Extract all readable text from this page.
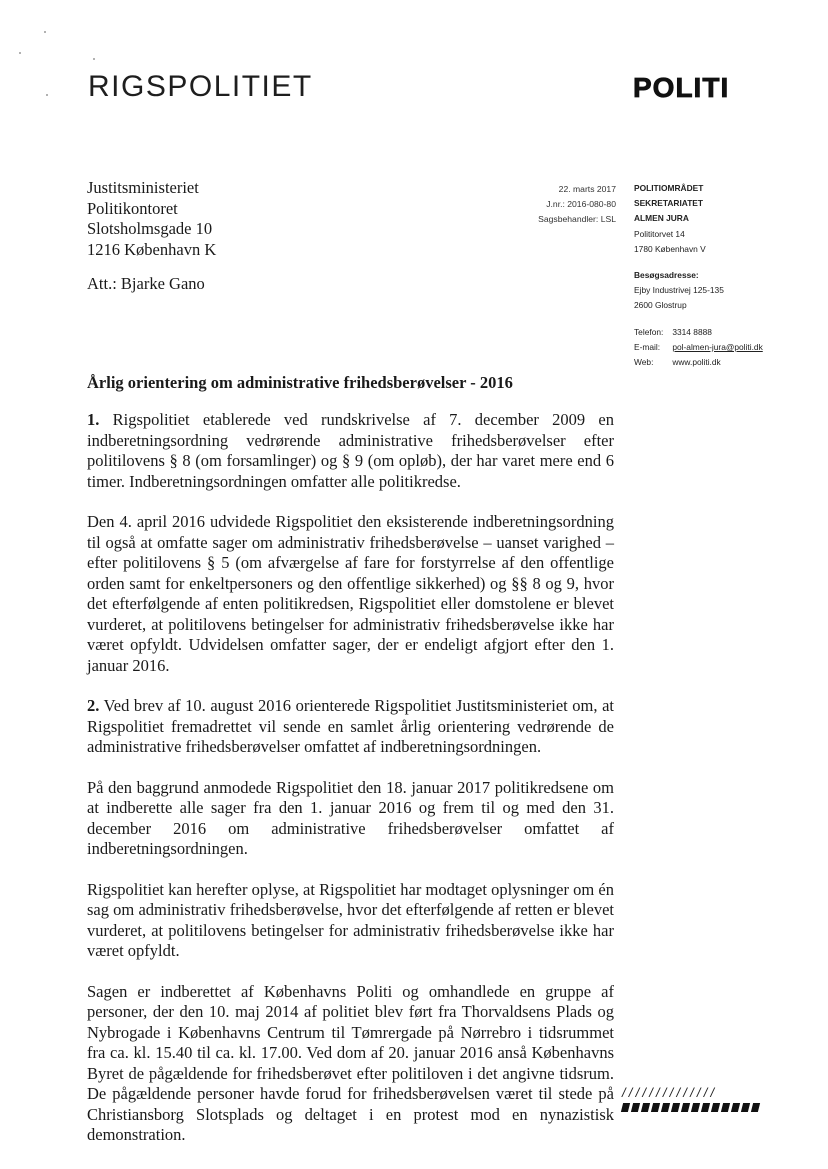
RIGSPOLITIET	POLITI
Justitsministeriet
Politikontoret
Slotsholmsgade 10
1216 København K
Att.: Bjarke Gano
22. marts 2017
J.nr.: 2016-080-80
Sagsbehandler: LSL
POLITIOMRÅDET
SEKRETARIATET
ALMEN JURA
Polititorvet 14
1780 København V
Besøgsadresse:
Ejby Industrivej 125-135
2600 Glostrup
Telefon: 3314 8888
E-mail: pol-almen-jura@politi.dk
Web: www.politi.dk
Årlig orientering om administrative frihedsberøvelser - 2016

1. Rigspolitiet etablerede ved rundskrivelse af 7. december 2009 en indberetningsordning vedrørende administrative frihedsberøvelser efter politilovens § 8 (om forsamlinger) og § 9 (om opløb), der har varet mere end 6 timer. Indberetningsordningen omfatter alle politikredse.

Den 4. april 2016 udvidede Rigspolitiet den eksisterende indberetningsordning til også at omfatte sager om administrativ frihedsberøvelse – uanset varighed – efter politilovens § 5 (om afværgelse af fare for forstyrrelse af den offentlige orden samt for enkeltpersoners og den offentlige sikkerhed) og §§ 8 og 9, hvor det efterfølgende af enten politikredsen, Rigspolitiet eller domstolene er blevet vurderet, at politilovens betingelser for administrativ frihedsberøvelse ikke har været opfyldt. Udvidelsen omfatter sager, der er endeligt afgjort efter den 1. januar 2016.

2. Ved brev af 10. august 2016 orienterede Rigspolitiet Justitsministeriet om, at Rigspolitiet fremadrettet vil sende en samlet årlig orientering vedrørende de administrative frihedsberøvelser omfattet af indberetningsordningen.

På den baggrund anmodede Rigspolitiet den 18. januar 2017 politikredsene om at indberette alle sager fra den 1. januar 2016 og frem til og med den 31. december 2016 om administrative frihedsberøvelser omfattet af indberetningsordningen.

Rigspolitiet kan herefter oplyse, at Rigspolitiet har modtaget oplysninger om én sag om administrativ frihedsberøvelse, hvor det efterfølgende af retten er blevet vurderet, at politilovens betingelser for administrativ frihedsberøvelse ikke har været opfyldt.

Sagen er indberettet af Københavns Politi og omhandlede en gruppe af personer, der den 10. maj 2014 af politiet blev ført fra Thorvaldsens Plads og Nybrogade i Københavns Centrum til Tømrergade på Nørrebro i tidsrummet fra ca. kl. 15.40 til ca. kl. 17.00. Ved dom af 20. januar 2016 anså Københavns Byret de pågældende for frihedsberøvet efter politiloven i det angivne tidsrum. De pågældende personer havde forud for frihedsberøvelsen været til stede på Christiansborg Slotsplads og deltaget i en protest mod en nynazistisk demonstration.

//////////////
